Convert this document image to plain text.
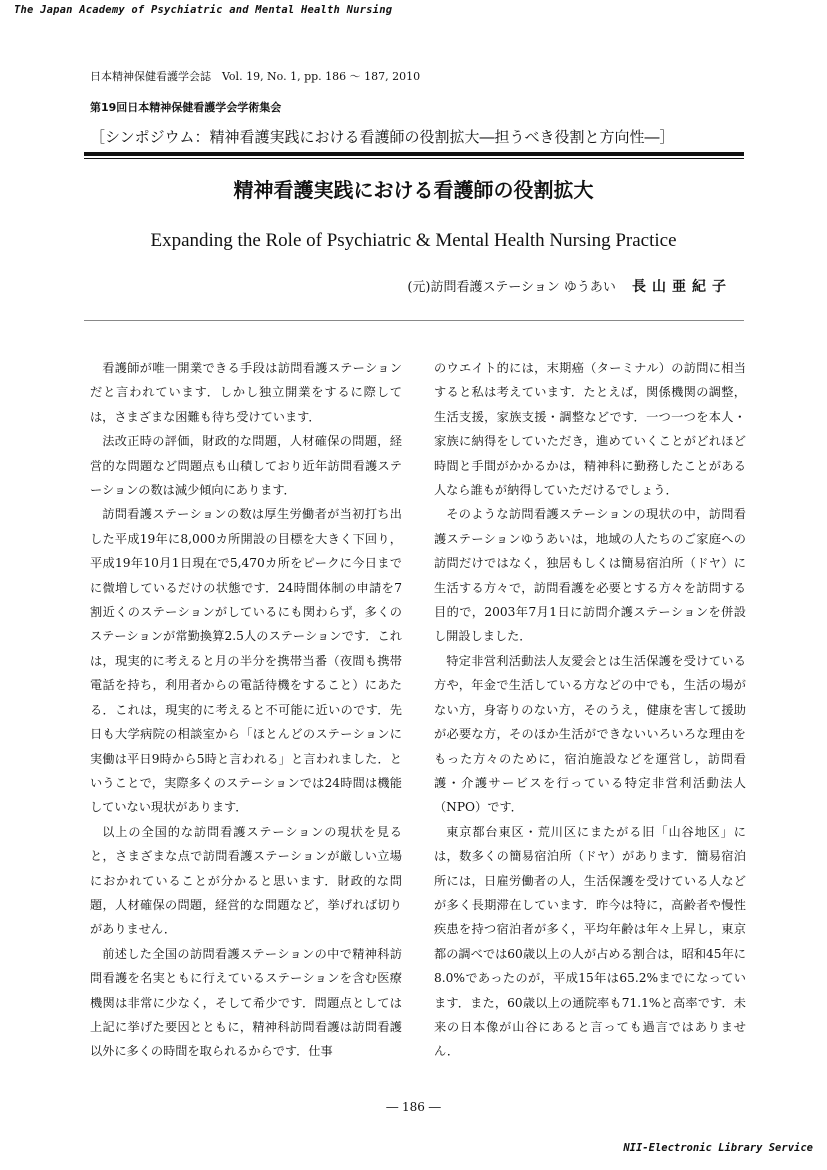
The Japan Academy of Psychiatric and Mental Health Nursing
日本精神保健看護学会誌　Vol. 19, No. 1, pp. 186 ～ 187, 2010
第19回日本精神保健看護学会学術集会
［シンポジウム：精神看護実践における看護師の役割拡大―担うべき役割と方向性―］
精神看護実践における看護師の役割拡大
Expanding the Role of Psychiatric & Mental Health Nursing Practice
(元)訪問看護ステーション ゆうあい 長山亜紀子

看護師が唯一開業できる手段は訪問看護ステーションだと言われています．しかし独立開業をするに際しては，さまざまな困難も待ち受けています．

法改正時の評価，財政的な問題，人材確保の問題，経営的な問題など問題点も山積しており近年訪問看護ステーションの数は減少傾向にあります．

訪問看護ステーションの数は厚生労働者が当初打ち出した平成19年に8,000カ所開設の目標を大きく下回り，平成19年10月1日現在で5,470カ所をピークに今日までに微増しているだけの状態です．24時間体制の申請を7割近くのステーションがしているにも関わらず，多くのステーションが常勤換算2.5人のステーションです．これは，現実的に考えると月の半分を携帯当番（夜間も携帯電話を持ち，利用者からの電話待機をすること）にあたる．これは，現実的に考えると不可能に近いのです．先日も大学病院の相談室から「ほとんどのステーションに実働は平日9時から5時と言われる」と言われました．ということで，実際多くのステーションでは24時間は機能していない現状があります．

以上の全国的な訪問看護ステーションの現状を見ると，さまざまな点で訪問看護ステーションが厳しい立場におかれていることが分かると思います．財政的な問題，人材確保の問題，経営的な問題など，挙げれば切りがありません．

前述した全国の訪問看護ステーションの中で精神科訪問看護を名実ともに行えているステーションを含む医療機関は非常に少なく，そして希少です．問題点としては上記に挙げた要因とともに，精神科訪問看護は訪問看護以外に多くの時間を取られるからです．仕事

のウエイト的には，末期癌（ターミナル）の訪問に相当すると私は考えています．たとえば，関係機関の調整，生活支援，家族支援・調整などです．一つ一つを本人・家族に納得をしていただき，進めていくことがどれほど時間と手間がかかるかは，精神科に勤務したことがある人なら誰もが納得していただけるでしょう．

そのような訪問看護ステーションの現状の中，訪問看護ステーションゆうあいは，地域の人たちのご家庭への訪問だけではなく，独居もしくは簡易宿泊所（ドヤ）に生活する方々で，訪問看護を必要とする方々を訪問する目的で，2003年7月1日に訪問介護ステーションを併設し開設しました．

特定非営利活動法人友愛会とは生活保護を受けている方や，年金で生活している方などの中でも，生活の場がない方，身寄りのない方，そのうえ，健康を害して援助が必要な方，そのほか生活ができないいろいろな理由をもった方々のために，宿泊施設などを運営し，訪問看護・介護サービスを行っている特定非営利活動法人（NPO）です．

東京都台東区・荒川区にまたがる旧「山谷地区」には，数多くの簡易宿泊所（ドヤ）があります．簡易宿泊所には，日雇労働者の人，生活保護を受けている人などが多く長期滞在しています．昨今は特に，高齢者や慢性疾患を持つ宿泊者が多く，平均年齢は年々上昇し，東京都の調べでは60歳以上の人が占める割合は，昭和45年に8.0%であったのが，平成15年は65.2%までになっています．また，60歳以上の通院率も71.1%と高率です．未来の日本像が山谷にあると言っても過言ではありません．

― 186 ―
NII-Electronic Library Service
